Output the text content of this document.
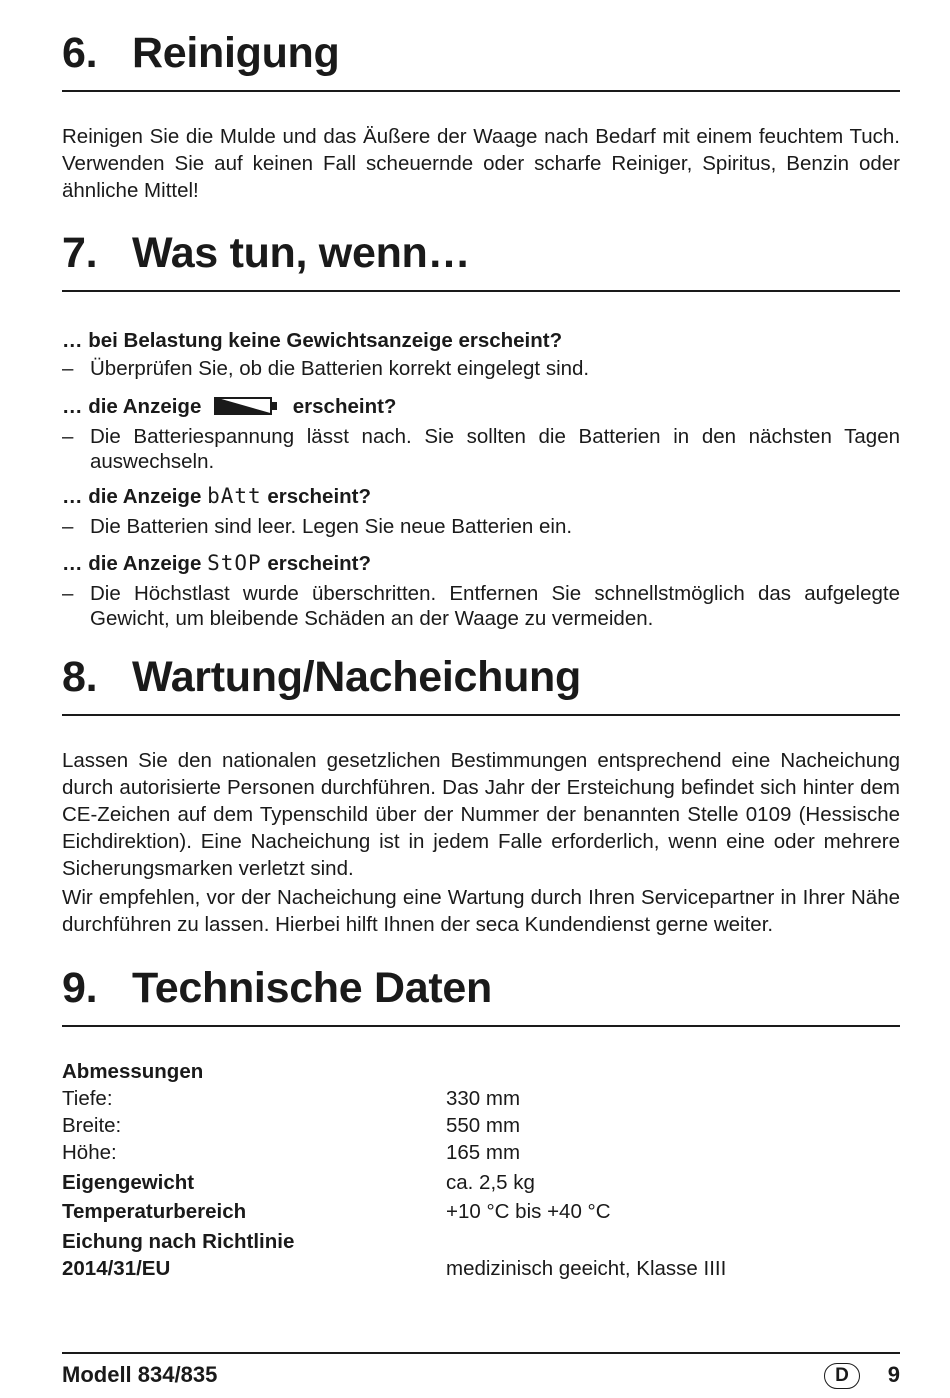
6. Reinigung

Reinigen Sie die Mulde und das Äußere der Waage nach Bedarf mit einem feuchtem Tuch. Verwenden Sie auf keinen Fall scheuernde oder scharfe Reiniger, Spiritus, Benzin oder ähnliche Mittel!

7. Was tun, wenn…
… bei Belastung keine Gewichtsanzeige erscheint?
– Überprüfen Sie, ob die Batterien korrekt eingelegt sind.
… die Anzeige	erscheint?
– Die Batteriespannung lässt nach. Sie sollten die Batterien in den nächsten Tagen auswechseln.
… die Anzeige bAtt erscheint?
– Die Batterien sind leer. Legen Sie neue Batterien ein.
… die Anzeige StOP erscheint?
– Die Höchstlast wurde überschritten. Entfernen Sie schnellstmöglich das aufgelegte Gewicht, um bleibende Schäden an der Waage zu vermeiden.
8. Wartung/Nacheichung

Lassen Sie den nationalen gesetzlichen Bestimmungen entsprechend eine Nacheichung durch autorisierte Personen durchführen. Das Jahr der Ersteichung befindet sich hinter dem CE-Zeichen auf dem Typenschild über der Nummer der benannten Stelle 0109 (Hessische Eichdirektion). Eine Nacheichung ist in jedem Falle erforderlich, wenn eine oder mehrere Sicherungsmarken verletzt sind.

Wir empfehlen, vor der Nacheichung eine Wartung durch Ihren Servicepartner in Ihrer Nähe durchführen zu lassen. Hierbei hilft Ihnen der seca Kundendienst gerne weiter.

9. Technische Daten
Abmessungen
Tiefe:	330 mm
Breite:	550 mm
Höhe:	165 mm
Eigengewicht	ca. 2,5 kg
Temperaturbereich	+10 °C bis +40 °C
Eichung nach Richtlinie
2014/31/EU	medizinisch geeicht, Klasse IIII
Modell 834/835	D	9
